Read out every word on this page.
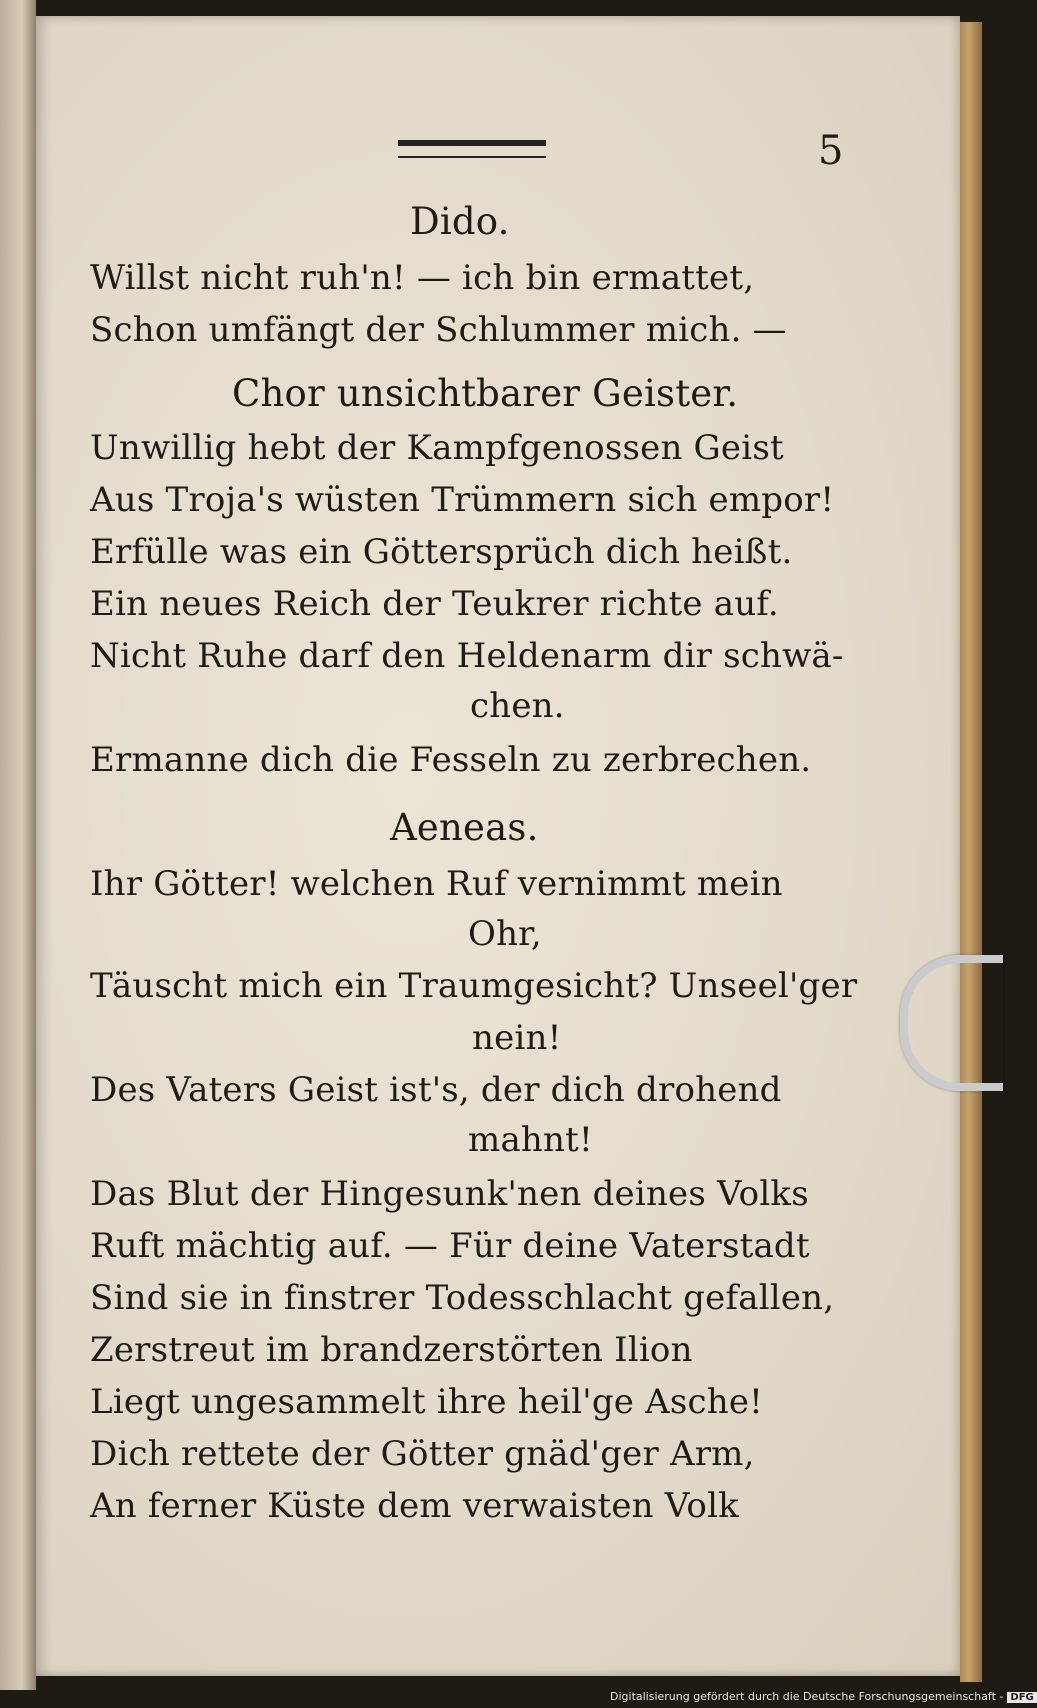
5
Dido.
Willst nicht ruh'n! — ich bin ermattet,
Schon umfängt der Schlummer mich. —
Chor unsichtbarer Geister.
Unwillig hebt der Kampfgenossen Geist
Aus Troja's wüsten Trümmern sich empor!
Erfülle was ein Göttersprüch dich heißt.
Ein neues Reich der Teukrer richte auf.
Nicht Ruhe darf den Heldenarm dir schwä-
chen.
Ermanne dich die Fesseln zu zerbrechen.
Aeneas.
Ihr Götter! welchen Ruf vernimmt mein
Ohr,
Täuscht mich ein Traumgesicht? Unseel'ger
nein!
Des Vaters Geist ist's, der dich drohend
mahnt!
Das Blut der Hingesunk'nen deines Volks
Ruft mächtig auf. — Für deine Vaterstadt
Sind sie in finstrer Todesschlacht gefallen,
Zerstreut im brandzerstörten Ilion
Liegt ungesammelt ihre heil'ge Asche!
Dich rettete der Götter gnäd'ger Arm,
An ferner Küste dem verwaisten Volk
Digitalisierung gefördert durch die Deutsche Forschungsgemeinschaft - DFG
